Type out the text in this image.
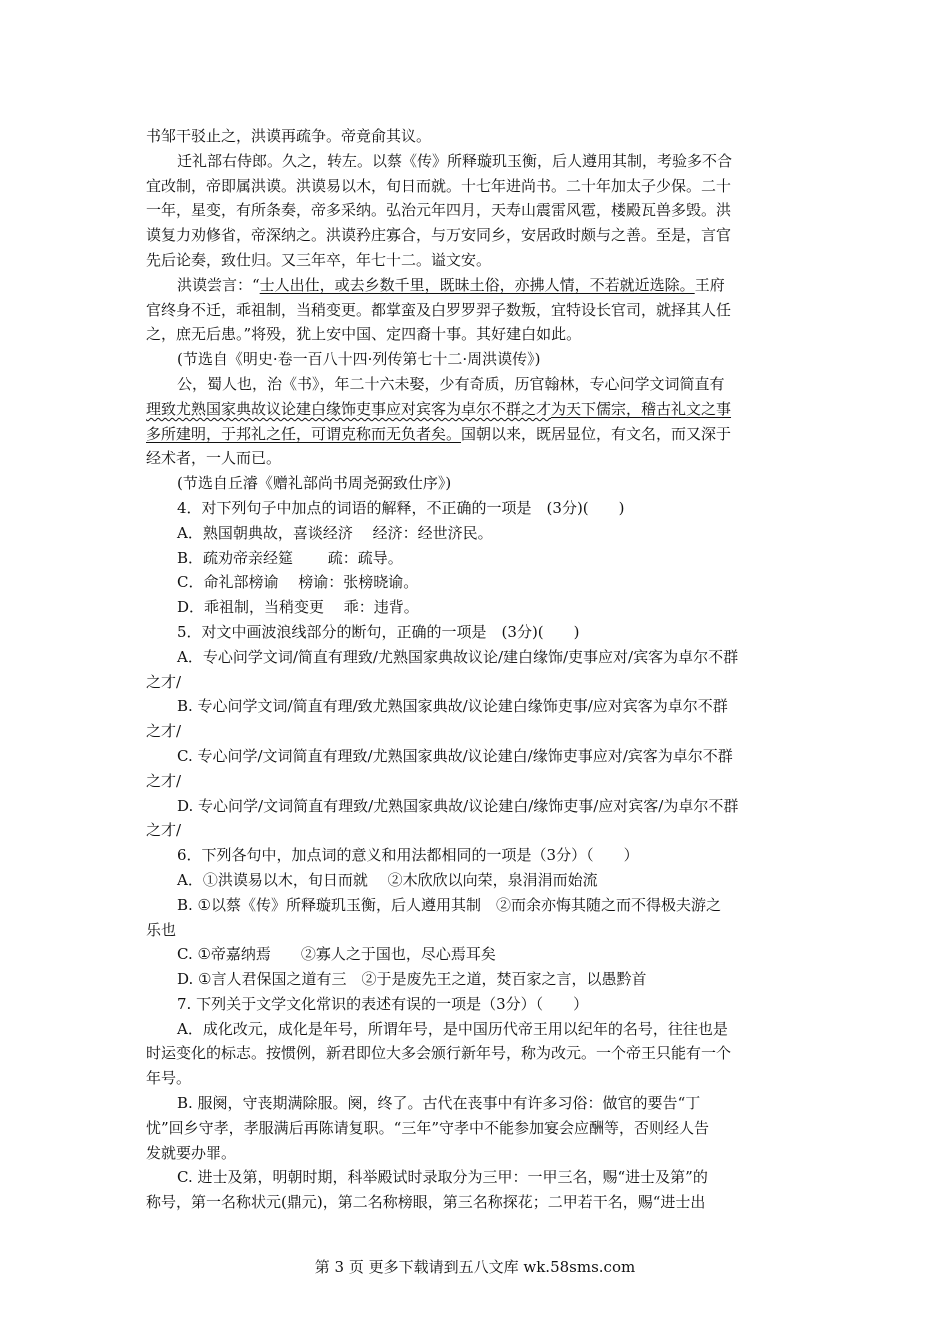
书邹干驳止之，洪谟再疏争。帝竟俞其议。

迁礼部右侍郎。久之，转左。以蔡《传》所释璇玑玉衡，后人遵用其制，考验多不合

宜改制，帝即属洪谟。洪谟易以木，旬日而就。十七年进尚书。二十年加太子少保。二十

一年，星变，有所条奏，帝多采纳。弘治元年四月，天寿山震雷风雹，楼殿瓦兽多毁。洪

谟复力劝修省，帝深纳之。洪谟矜庄寡合，与万安同乡，安居政时颇与之善。至是，言官

先后论奏，致仕归。又三年卒，年七十二。谥文安。

洪谟尝言：“士人出仕，或去乡数千里，既昧土俗，亦拂人情，不若就近选除。王府

官终身不迁，乖祖制，当稍变更。都掌蛮及白罗罗羿子数叛，宜特设长官司，就择其人任

之，庶无后患。”将殁，犹上安中国、定四裔十事。其好建白如此。

(节选自《明史·卷一百八十四·列传第七十二·周洪谟传》)

公，蜀人也，治《书》，年二十六未娶，少有奇质，历官翰林，专心问学文词简直有

理致尤熟国家典故议论建白缘饰吏事应对宾客为卓尔不群之才为天下儒宗，稽古礼文之事

多所建明，于邦礼之任，可谓克称而无负者矣。国朝以来，既居显位，有文名，而又深于

经术者，一人而已。

(节选自丘濬《赠礼部尚书周尧弼致仕序》)

4．对下列句子中加点的词语的解释，不正确的一项是　(3分)(　　)

A．熟国朝典故，喜谈经济　 经济：经世济民。

B．疏劝帝亲经筵　　 疏：疏导。

C．命礼部榜谕　 榜谕：张榜晓谕。

D．乖祖制，当稍变更　 乖：违背。

5．对文中画波浪线部分的断句，正确的一项是　(3分)(　　)

A．专心问学文词/简直有理致/尤熟国家典故议论/建白缘饰/吏事应对/宾客为卓尔不群

之才/

B. 专心问学文词/简直有理/致尤熟国家典故/议论建白缘饰吏事/应对宾客为卓尔不群

之才/

C. 专心问学/文词简直有理致/尤熟国家典故/议论建白/缘饰吏事应对/宾客为卓尔不群

之才/

D. 专心问学/文词简直有理致/尤熟国家典故/议论建白/缘饰吏事/应对宾客/为卓尔不群

之才/

6．下列各句中，加点词的意义和用法都相同的一项是（3分）（　　）

A．①洪谟易以木，旬日而就　 ②木欣欣以向荣，泉涓涓而始流

B. ①以蔡《传》所释璇玑玉衡，后人遵用其制　②而余亦悔其随之而不得极夫游之

乐也

C. ①帝嘉纳焉　　②寡人之于国也，尽心焉耳矣

D. ①言人君保国之道有三　②于是废先王之道，焚百家之言，以愚黔首

7. 下列关于文学文化常识的表述有误的一项是（3分）（　　）

A．成化改元，成化是年号，所谓年号，是中国历代帝王用以纪年的名号，往往也是

时运变化的标志。按惯例，新君即位大多会颁行新年号，称为改元。一个帝王只能有一个

年号。

B. 服阕，守丧期满除服。阕，终了。古代在丧事中有许多习俗：做官的要告“丁

忧”回乡守孝，孝服满后再陈请复职。“三年”守孝中不能参加宴会应酬等，否则经人告

发就要办罪。

C. 进士及第，明朝时期，科举殿试时录取分为三甲：一甲三名，赐“进士及第”的

称号，第一名称状元(鼎元)，第二名称榜眼，第三名称探花；二甲若干名，赐“进士出

第 3 页 更多下载请到五八文库 wk.58sms.com
